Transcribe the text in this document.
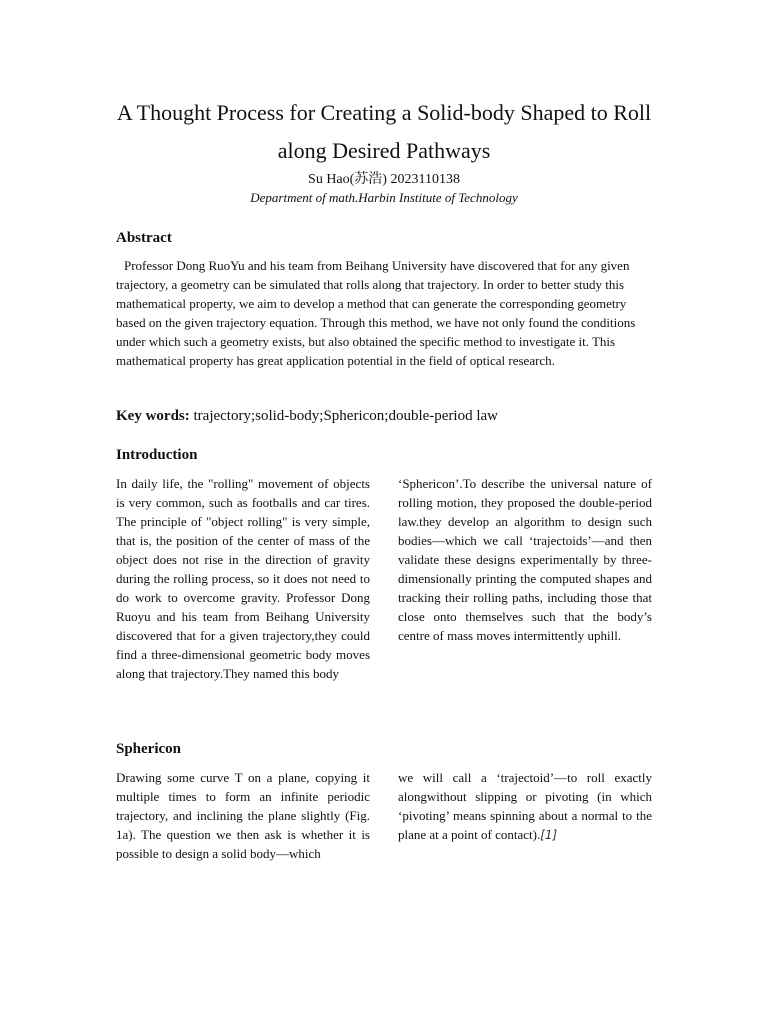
A Thought Process for Creating a Solid-body Shaped to Roll along Desired Pathways
Su Hao(苏浩) 2023110138
Department of math.Harbin Institute of Technology
Abstract
Professor Dong RuoYu and his team from Beihang University have discovered that for any given trajectory, a geometry can be simulated that rolls along that trajectory. In order to better study this mathematical property, we aim to develop a method that can generate the corresponding geometry based on the given trajectory equation. Through this method, we have not only found the conditions under which such a geometry exists, but also obtained the specific method to investigate it. This mathematical property has great application potential in the field of optical research.
Key words: trajectory;solid-body;Sphericon;double-period law
Introduction
In daily life, the "rolling" movement of objects is very common, such as footballs and car tires. The principle of "object rolling" is very simple, that is, the position of the center of mass of the object does not rise in the direction of gravity during the rolling process, so it does not need to do work to overcome gravity. Professor Dong Ruoyu and his team from Beihang University discovered that for a given trajectory,they could find a three-dimensional geometric body moves along that trajectory.They named this body
‘Sphericon’.To describe the universal nature of rolling motion, they proposed the double-period law.they develop an algorithm to design such bodies—which we call ‘trajectoids’—and then validate these designs experimentally by three-dimensionally printing the computed shapes and tracking their rolling paths, including those that close onto themselves such that the body’s centre of mass moves intermittently uphill.
Sphericon
Drawing some curve T on a plane, copying it multiple times to form an infinite periodic trajectory, and inclining the plane slightly (Fig. 1a). The question we then ask is whether it is possible to design a solid body—which
we will call a ‘trajectoid’—to roll exactly alongwithout slipping or pivoting (in which ‘pivoting’ means spinning about a normal to the plane at a point of contact).[1]
